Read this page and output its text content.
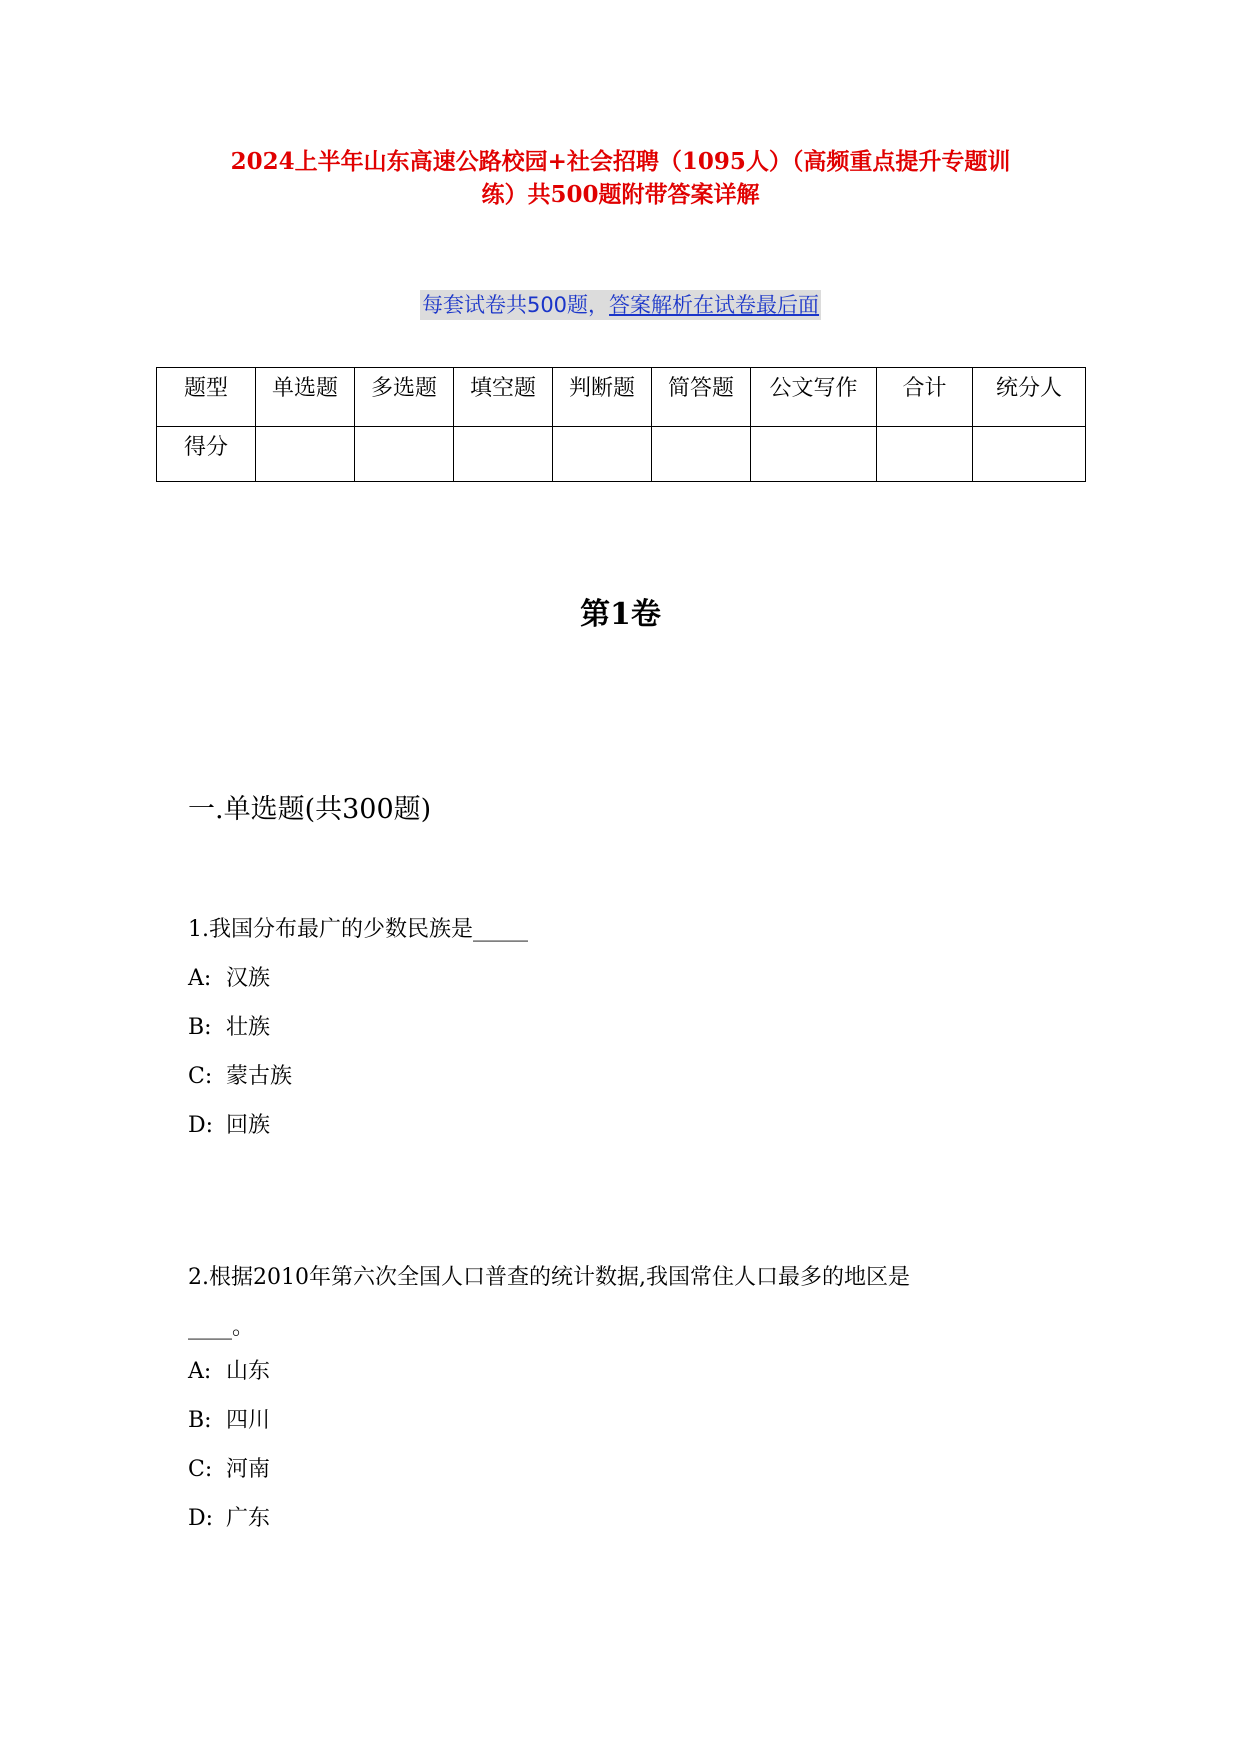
2024上半年山东高速公路校园+社会招聘（1095人）（高频重点提升专题训
练）共500题附带答案详解
每套试卷共500题，答案解析在试卷最后面
题型	单选题	多选题	填空题	判断题	简答题	公文写作	合计	统分人
得分								
第1卷
一.单选题(共300题)
1.我国分布最广的少数民族是_____
A: 汉族
B: 壮族
C: 蒙古族
D: 回族
2.根据2010年第六次全国人口普查的统计数据,我国常住人口最多的地区是
____。
A: 山东
B: 四川
C: 河南
D: 广东
